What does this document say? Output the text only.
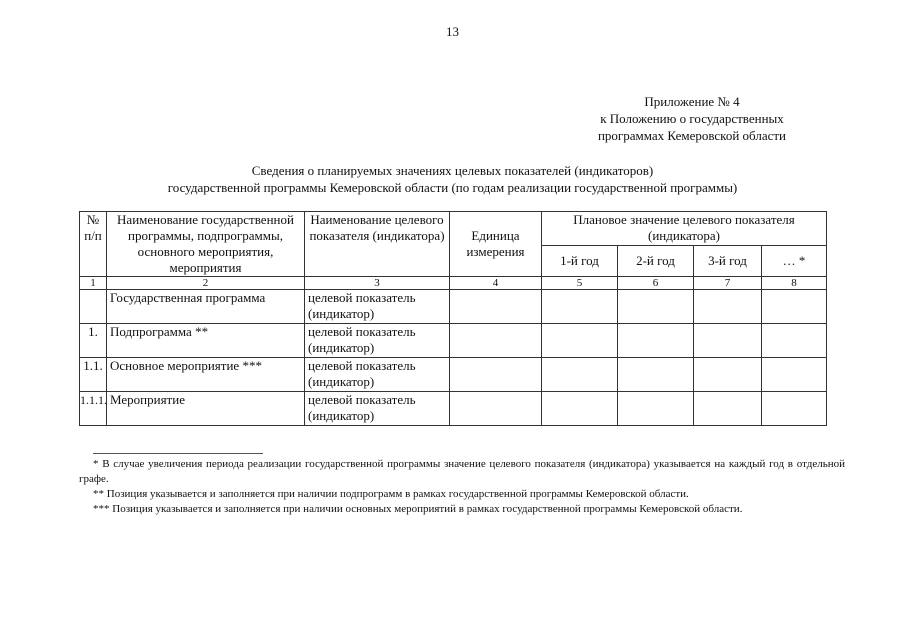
13
Приложение № 4
к Положению о государственных
программах Кемеровской области
Сведения о планируемых значениях целевых показателей (индикаторов)
государственной программы Кемеровской области (по годам реализации государственной программы)
№ п/п	Наименование государственной программы, подпрограммы, основного мероприятия, мероприятия	Наименование целевого показателя (индикатора)	Единица измерения	Плановое значение целевого показателя (индикатора)			
				1-й год	2-й год	3-й год	… *
1	2	3	4	5	6	7	8
	Государственная программа	целевой показатель (индикатор)					
1.	Подпрограмма **	целевой показатель (индикатор)					
1.1.	Основное мероприятие ***	целевой показатель (индикатор)					
1.1.1.	Мероприятие	целевой показатель (индикатор)					

* В случае увеличения периода реализации государственной программы значение целевого показателя (индикатора) указывается на каждый год в отдельной графе.

** Позиция указывается и заполняется при наличии подпрограмм в рамках государственной программы Кемеровской области.

*** Позиция указывается и заполняется при наличии основных мероприятий в рамках государственной программы Кемеровской области.
